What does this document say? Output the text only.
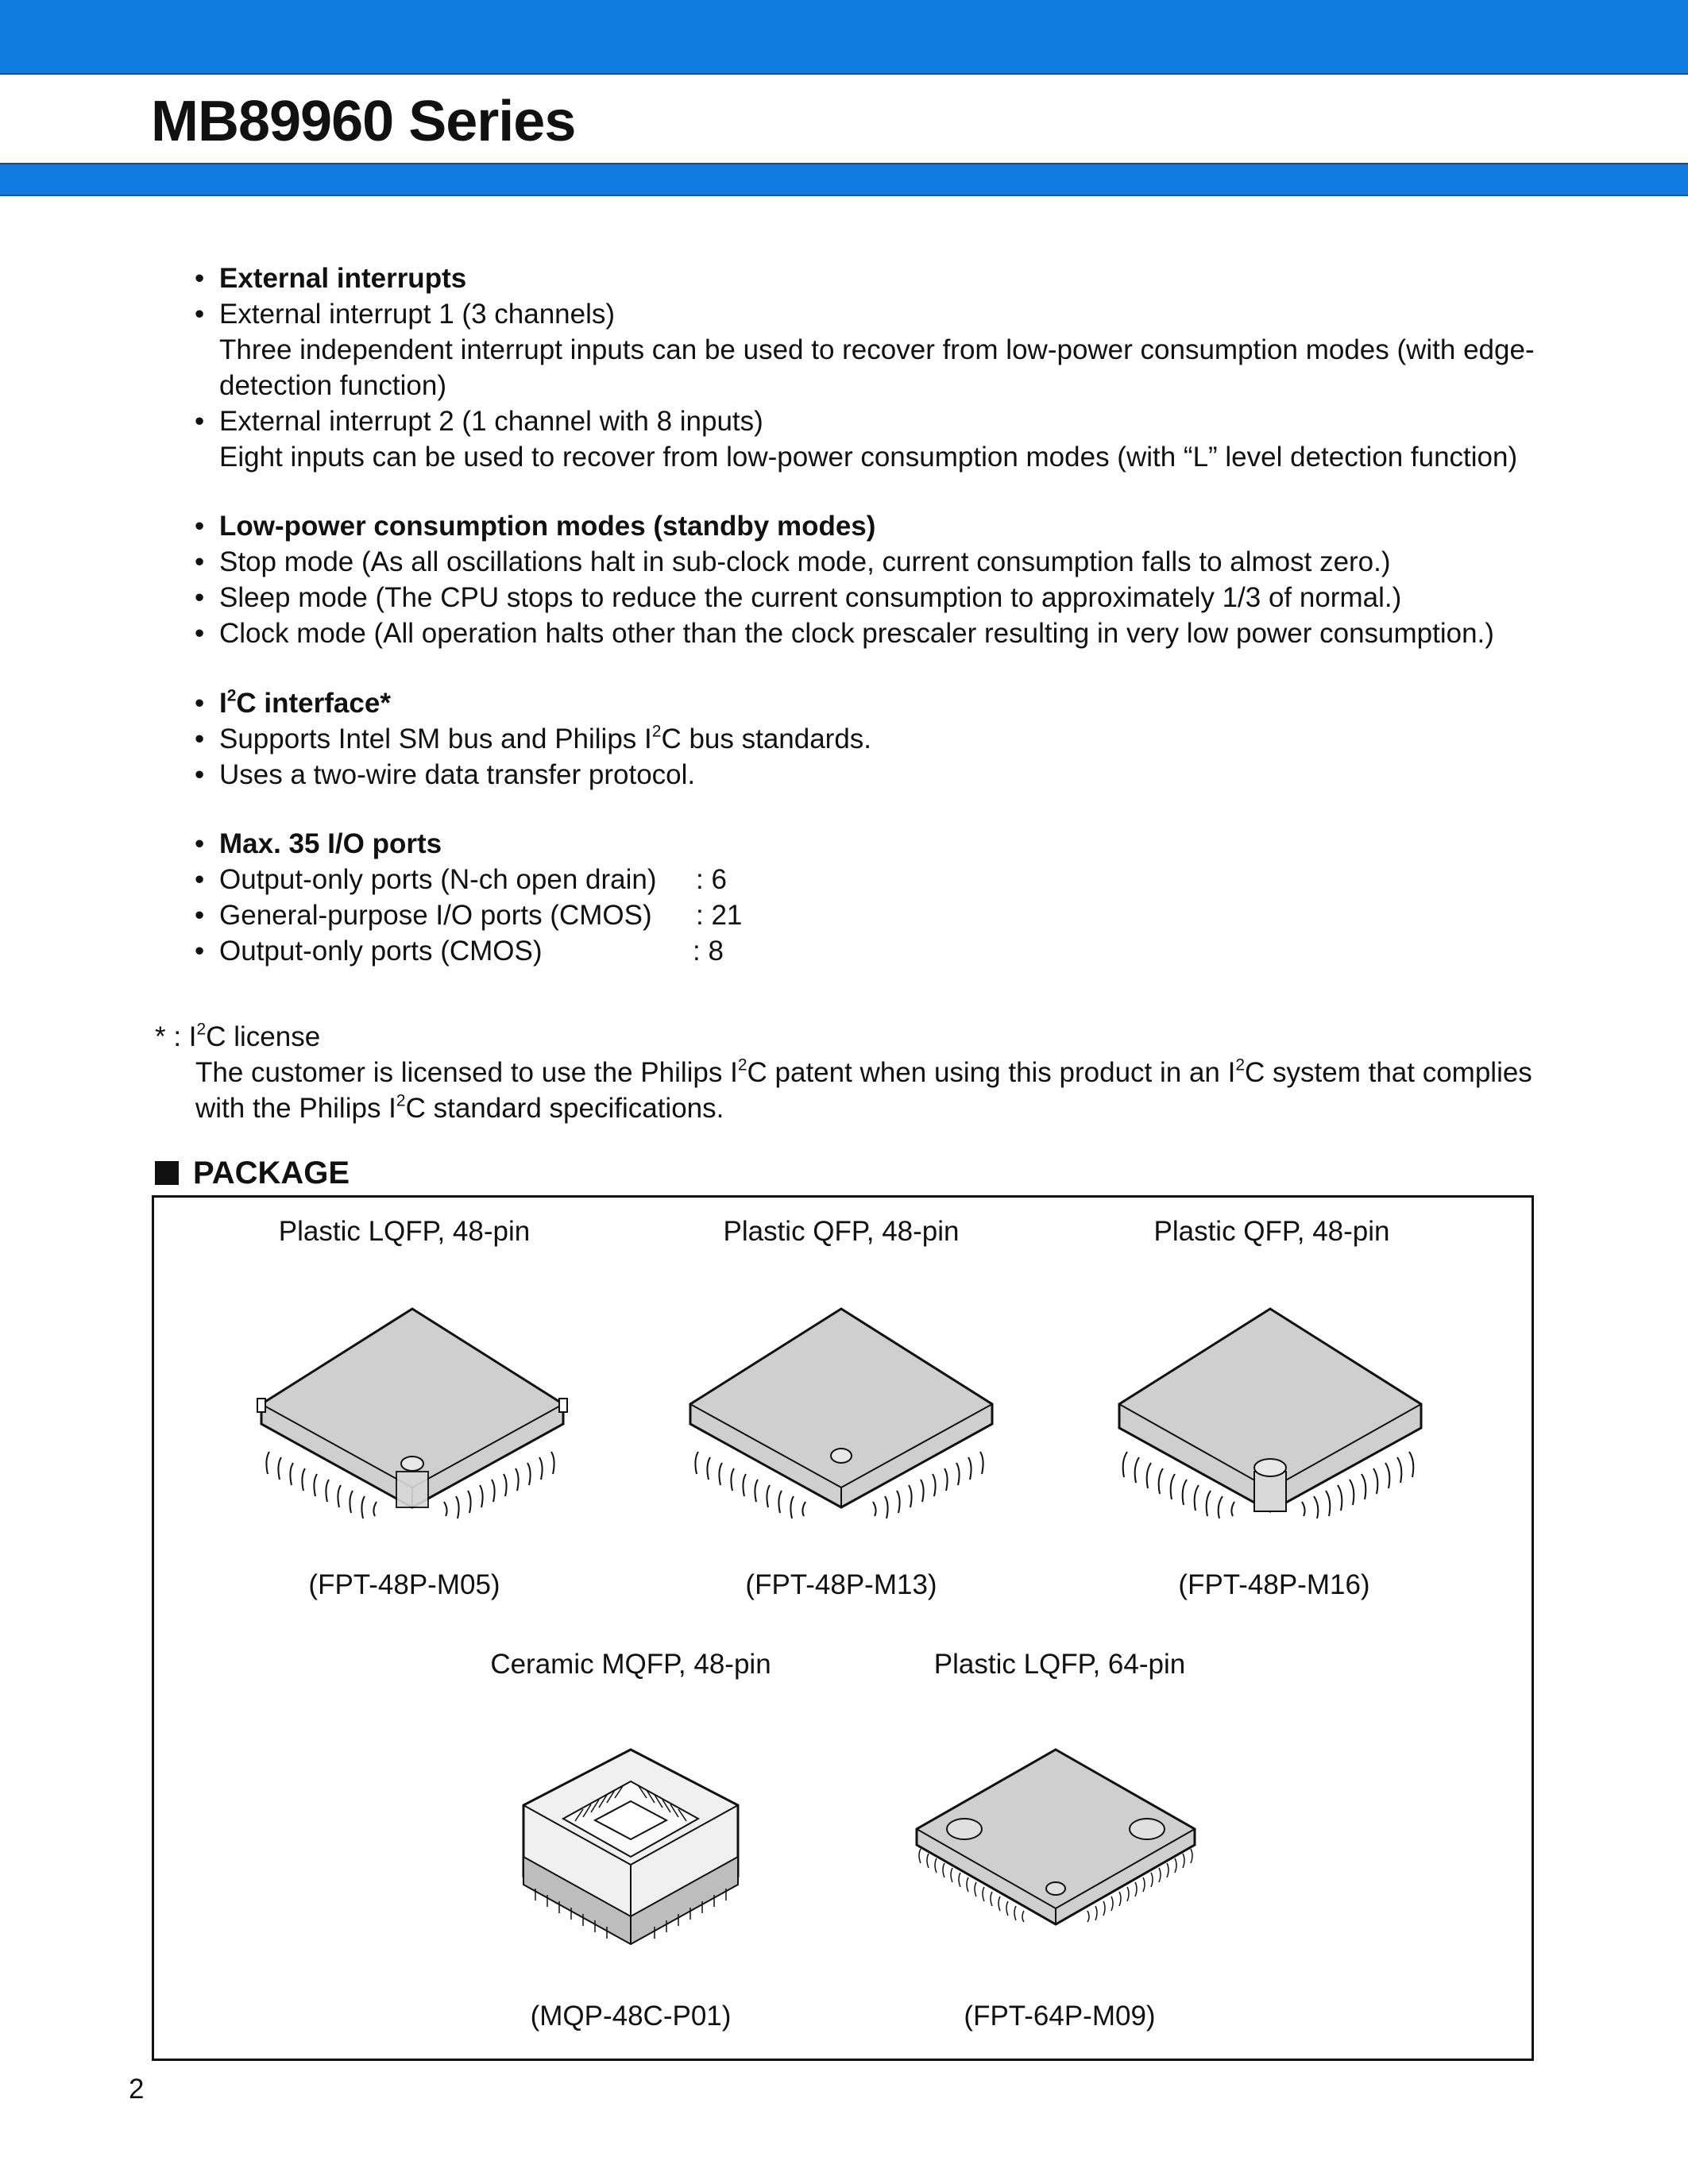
MB89960 Series
• External interrupts
• External interrupt 1 (3 channels)
Three independent interrupt inputs can be used to recover from low-power consumption modes (with edge-
detection function)
• External interrupt 2 (1 channel with 8 inputs)
Eight inputs can be used to recover from low-power consumption modes (with “L” level detection function)
• Low-power consumption modes (standby modes)
• Stop mode (As all oscillations halt in sub-clock mode, current consumption falls to almost zero.)
• Sleep mode (The CPU stops to reduce the current consumption to approximately 1/3 of normal.)
• Clock mode (All operation halts other than the clock prescaler resulting in very low power consumption.)
• $I^2C$ interface*
• Supports Intel SM bus and Philips $I^2C$ bus standards.
• Uses a two-wire data transfer protocol.
• Max. 35 I/O ports
• Output-only ports (N-ch open drain) : 6
• General-purpose I/O ports (CMOS) : 21
• Output-only ports (CMOS)	: 8
* : $I^2C$ license
The customer is licensed to use the Philips $I^2C$ patent when using this product in an $I^2C$ system that complies
with the Philips $I^2C$ standard specifications.
PACKAGE
Plastic LQFP, 48-pin	Plastic QFP, 48-pin	Plastic QFP, 48-pin
(FPT-48P-M05)	(FPT-48P-M13)	(FPT-48P-M16)
Ceramic MQFP, 48-pin	Plastic LQFP, 64-pin
(MQP-48C-P01)	(FPT-64P-M09)
2
